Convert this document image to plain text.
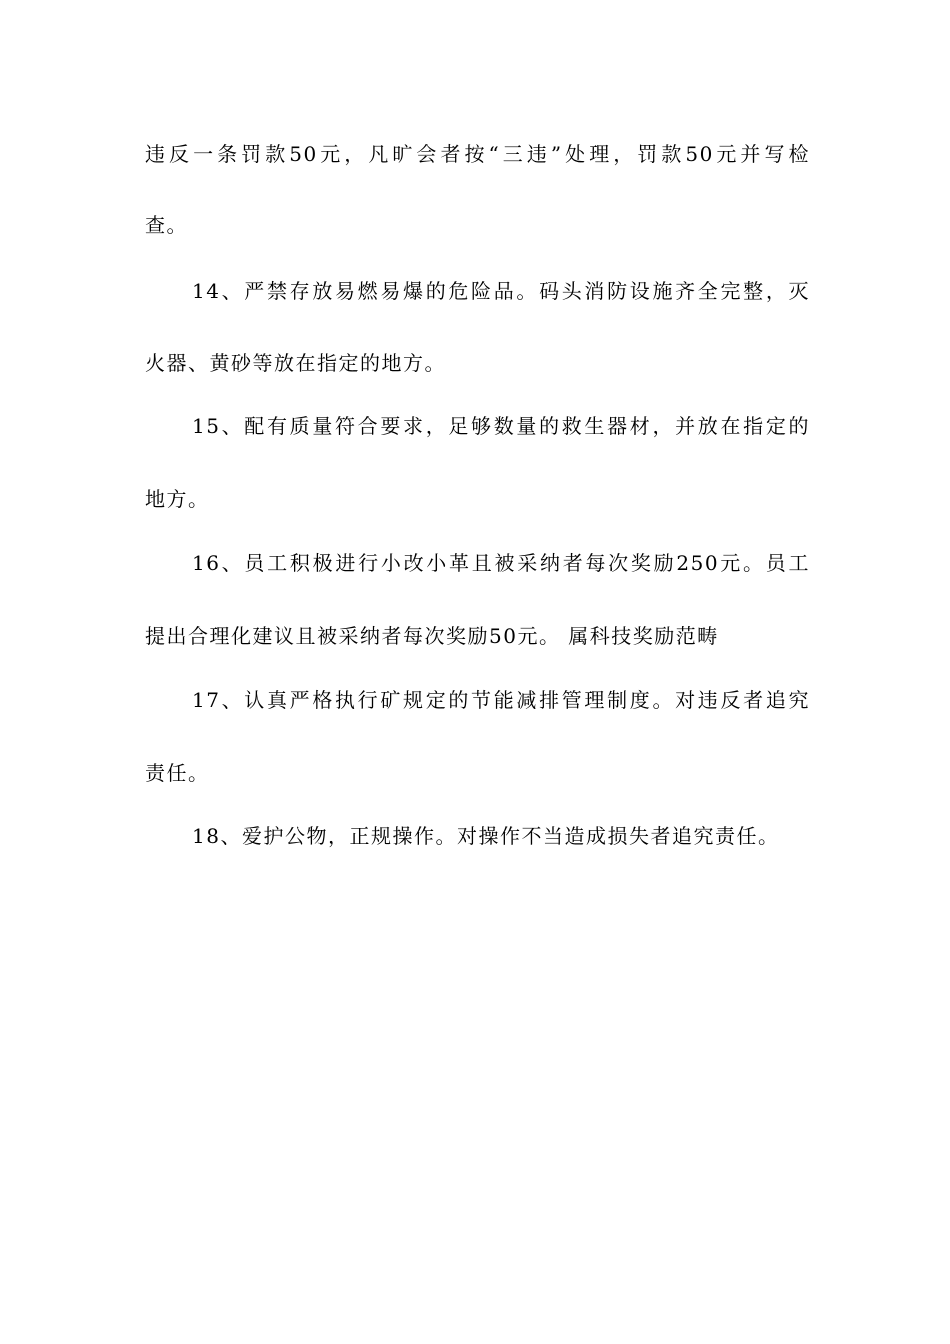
违反一条罚款50元，凡旷会者按“三违”处理，罚款50元并写检
查。
14、严禁存放易燃易爆的危险品。码头消防设施齐全完整，灭
火器、黄砂等放在指定的地方。
15、配有质量符合要求，足够数量的救生器材，并放在指定的
地方。
16、员工积极进行小改小革且被采纳者每次奖励250元。员工
提出合理化建议且被采纳者每次奖励50元。 属科技奖励范畴
17、认真严格执行矿规定的节能减排管理制度。对违反者追究
责任。
18、爱护公物，正规操作。对操作不当造成损失者追究责任。
